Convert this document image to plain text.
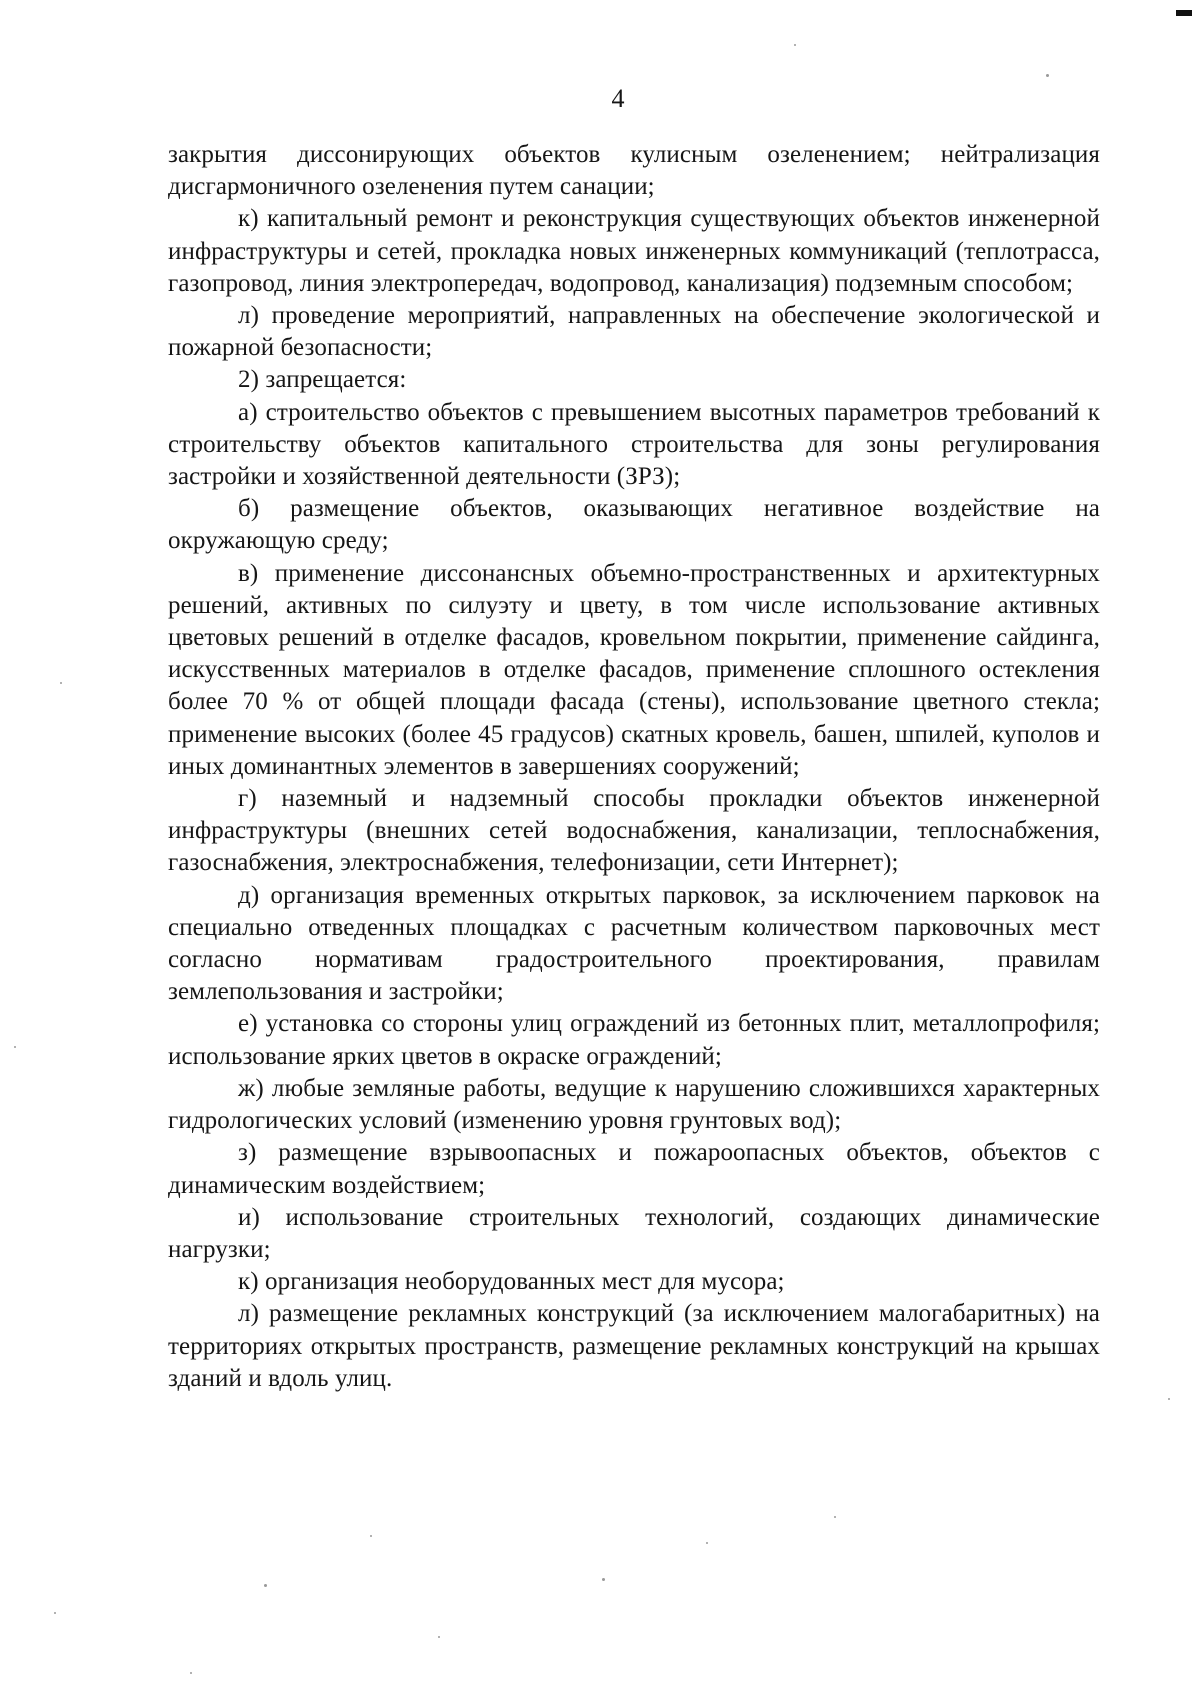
4

закрытия диссонирующих объектов кулисным озеленением; нейтрализация дисгармоничного озеленения путем санации;

к) капитальный ремонт и реконструкция существующих объектов инженерной инфраструктуры и сетей, прокладка новых инженерных коммуникаций (теплотрасса, газопровод, линия электропередач, водопровод, канализация) подземным способом;

л) проведение мероприятий, направленных на обеспечение экологической и пожарной безопасности;

2) запрещается:

а) строительство объектов с превышением высотных параметров требований к строительству объектов капитального строительства для зоны регулирования застройки и хозяйственной деятельности (ЗРЗ);

б) размещение объектов, оказывающих негативное воздействие на окружающую среду;

в) применение диссонансных объемно-пространственных и архитектурных решений, активных по силуэту и цвету, в том числе использование активных цветовых решений в отделке фасадов, кровельном покрытии, применение сайдинга, искусственных материалов в отделке фасадов, применение сплошного остекления более 70 % от общей площади фасада (стены), использование цветного стекла; применение высоких (более 45 градусов) скатных кровель, башен, шпилей, куполов и иных доминантных элементов в завершениях сооружений;

г) наземный и надземный способы прокладки объектов инженерной инфраструктуры (внешних сетей водоснабжения, канализации, теплоснабжения, газоснабжения, электроснабжения, телефонизации, сети Интернет);

д) организация временных открытых парковок, за исключением парковок на специально отведенных площадках с расчетным количеством парковочных мест согласно нормативам градостроительного проектирования, правилам землепользования и застройки;

е) установка со стороны улиц ограждений из бетонных плит, металлопрофиля; использование ярких цветов в окраске ограждений;

ж) любые земляные работы, ведущие к нарушению сложившихся характерных гидрологических условий (изменению уровня грунтовых вод);

з) размещение взрывоопасных и пожароопасных объектов, объектов с динамическим воздействием;

и) использование строительных технологий, создающих динамические нагрузки;

к) организация необорудованных мест для мусора;

л) размещение рекламных конструкций (за исключением малогабаритных) на территориях открытых пространств, размещение рекламных конструкций на крышах зданий и вдоль улиц.
